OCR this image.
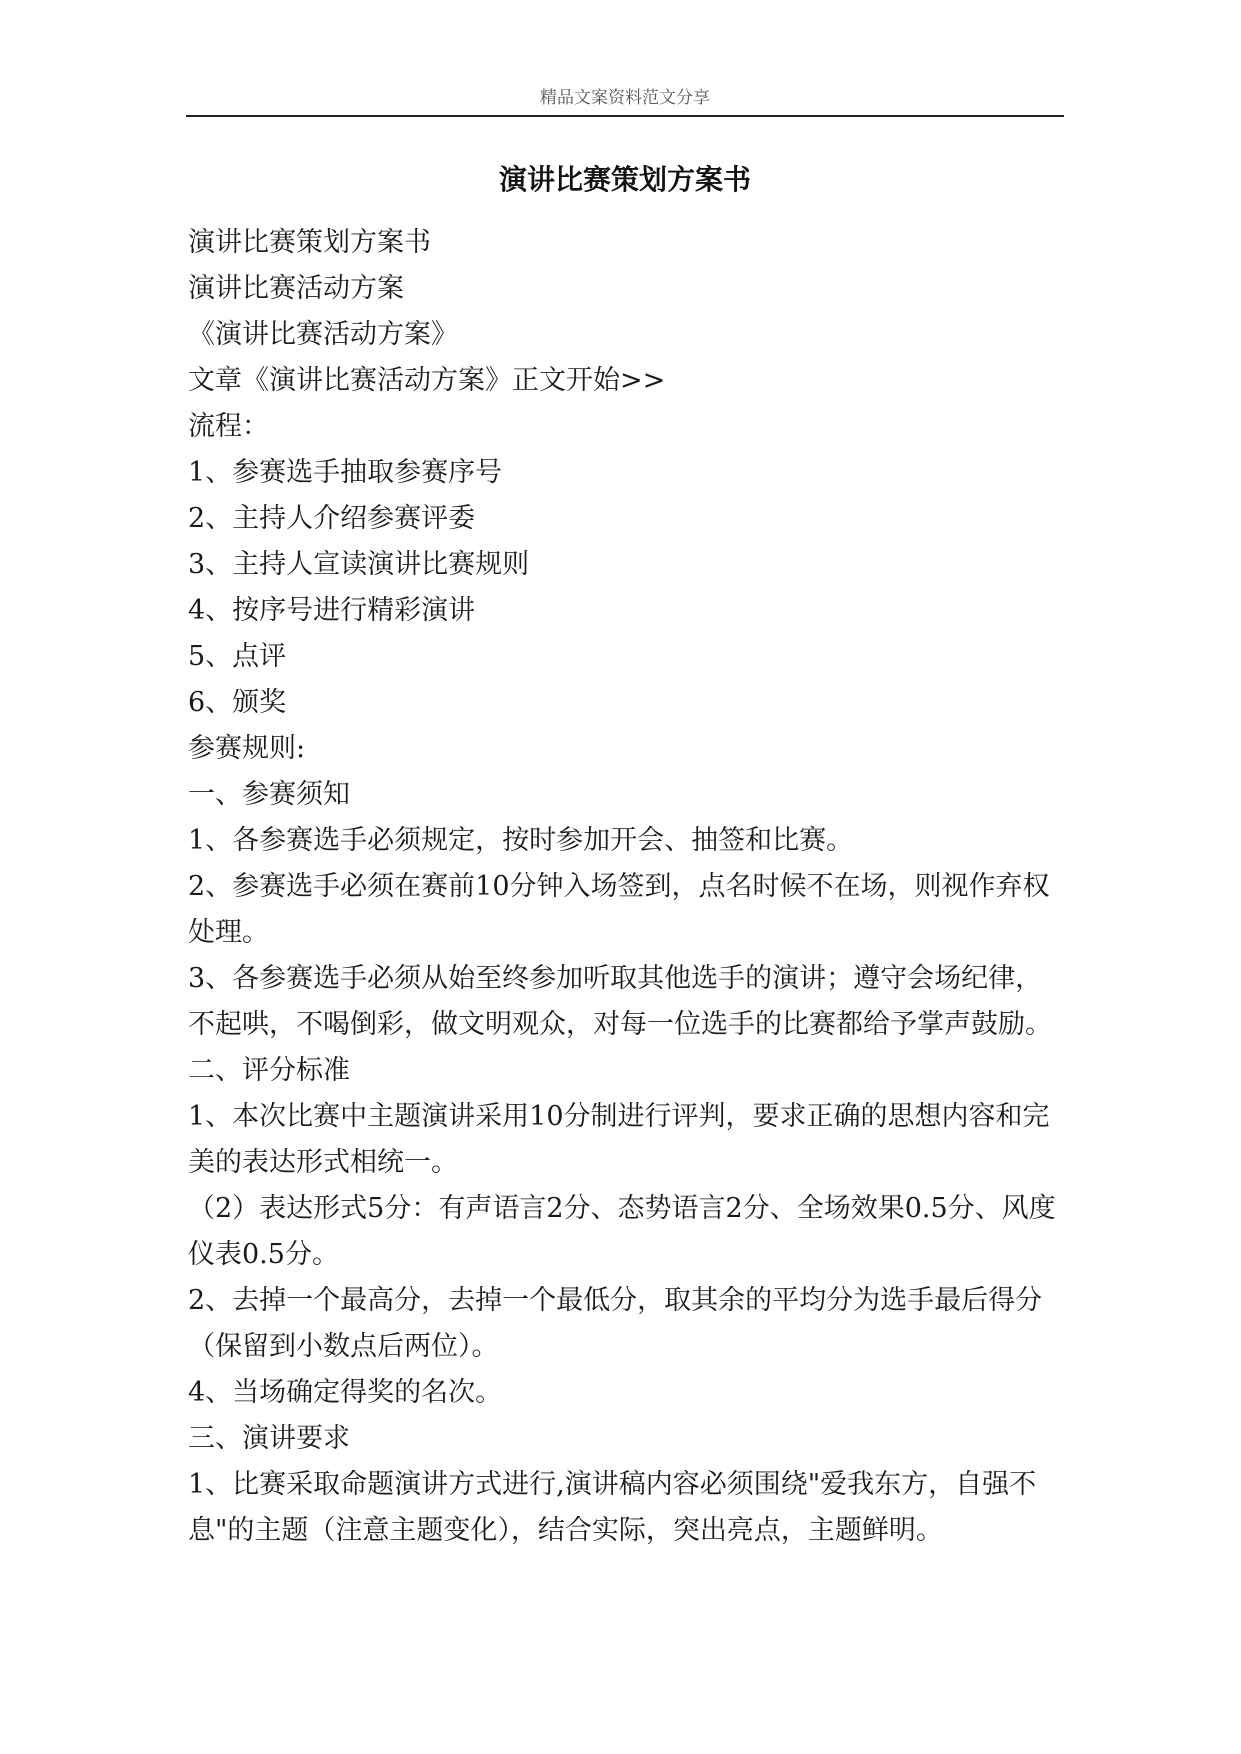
精品文案资料范文分享
演讲比赛策划方案书

演讲比赛策划方案书

演讲比赛活动方案

《演讲比赛活动方案》

文章《演讲比赛活动方案》正文开始>>

流程：

1、参赛选手抽取参赛序号

2、主持人介绍参赛评委

3、主持人宣读演讲比赛规则

4、按序号进行精彩演讲

5、点评

6、颁奖

参赛规则:

一、参赛须知

1、各参赛选手必须规定，按时参加开会、抽签和比赛。

2、参赛选手必须在赛前10分钟入场签到，点名时候不在场，则视作弃权处理。

3、各参赛选手必须从始至终参加听取其他选手的演讲；遵守会场纪律，不起哄，不喝倒彩，做文明观众，对每一位选手的比赛都给予掌声鼓励。

二、评分标准

1、本次比赛中主题演讲采用10分制进行评判，要求正确的思想内容和完美的表达形式相统一。

（2）表达形式5分：有声语言2分、态势语言2分、全场效果0.5分、风度仪表0.5分。

2、去掉一个最高分，去掉一个最低分，取其余的平均分为选手最后得分（保留到小数点后两位）。

4、当场确定得奖的名次。

三、演讲要求

1、比赛采取命题演讲方式进行,演讲稿内容必须围绕"爱我东方，自强不息"的主题（注意主题变化），结合实际，突出亮点，主题鲜明。
